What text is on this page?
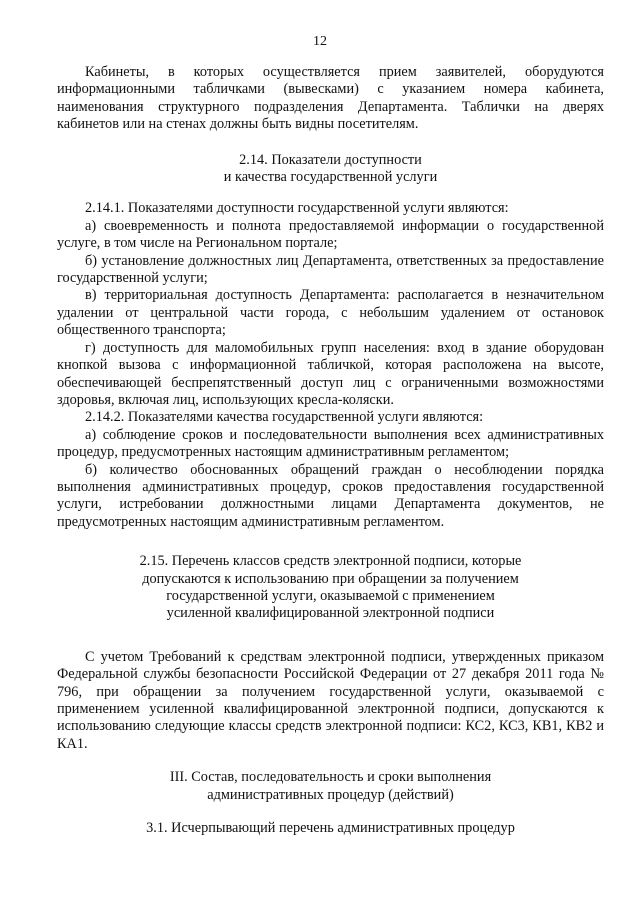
12

Кабинеты, в которых осуществляется прием заявителей, оборудуются информационными табличками (вывесками) с указанием номера кабинета, наименования структурного подразделения Департамента. Таблички на дверях кабинетов или на стенах должны быть видны посетителям.

2.14. Показатели доступности
и качества государственной услуги

2.14.1. Показателями доступности государственной услуги являются:

а) своевременность и полнота предоставляемой информации о государственной услуге, в том числе на Региональном портале;

б) установление должностных лиц Департамента, ответственных за предоставление государственной услуги;

в) территориальная доступность Департамента: располагается в незначительном удалении от центральной части города, с небольшим удалением от остановок общественного транспорта;

г) доступность для маломобильных групп населения: вход в здание оборудован кнопкой вызова с информационной табличкой, которая расположена на высоте, обеспечивающей беспрепятственный доступ лиц с ограниченными возможностями здоровья, включая лиц, использующих кресла-коляски.

2.14.2. Показателями качества государственной услуги являются:

а) соблюдение сроков и последовательности выполнения всех административных процедур, предусмотренных настоящим административным регламентом;

б) количество обоснованных обращений граждан о несоблюдении порядка выполнения административных процедур, сроков предоставления государственной услуги, истребовании должностными лицами Департамента документов, не предусмотренных настоящим административным регламентом.

2.15. Перечень классов средств электронной подписи, которые
допускаются к использованию при обращении за получением
государственной услуги, оказываемой с применением
усиленной квалифицированной электронной подписи

С учетом Требований к средствам электронной подписи, утвержденных приказом Федеральной службы безопасности Российской Федерации от 27 декабря 2011 года № 796, при обращении за получением государственной услуги, оказываемой с применением усиленной квалифицированной электронной подписи, допускаются к использованию следующие классы средств электронной подписи: КС2, КС3, КВ1, КВ2 и КА1.

III. Состав, последовательность и сроки выполнения
административных процедур (действий)
3.1. Исчерпывающий перечень административных процедур
